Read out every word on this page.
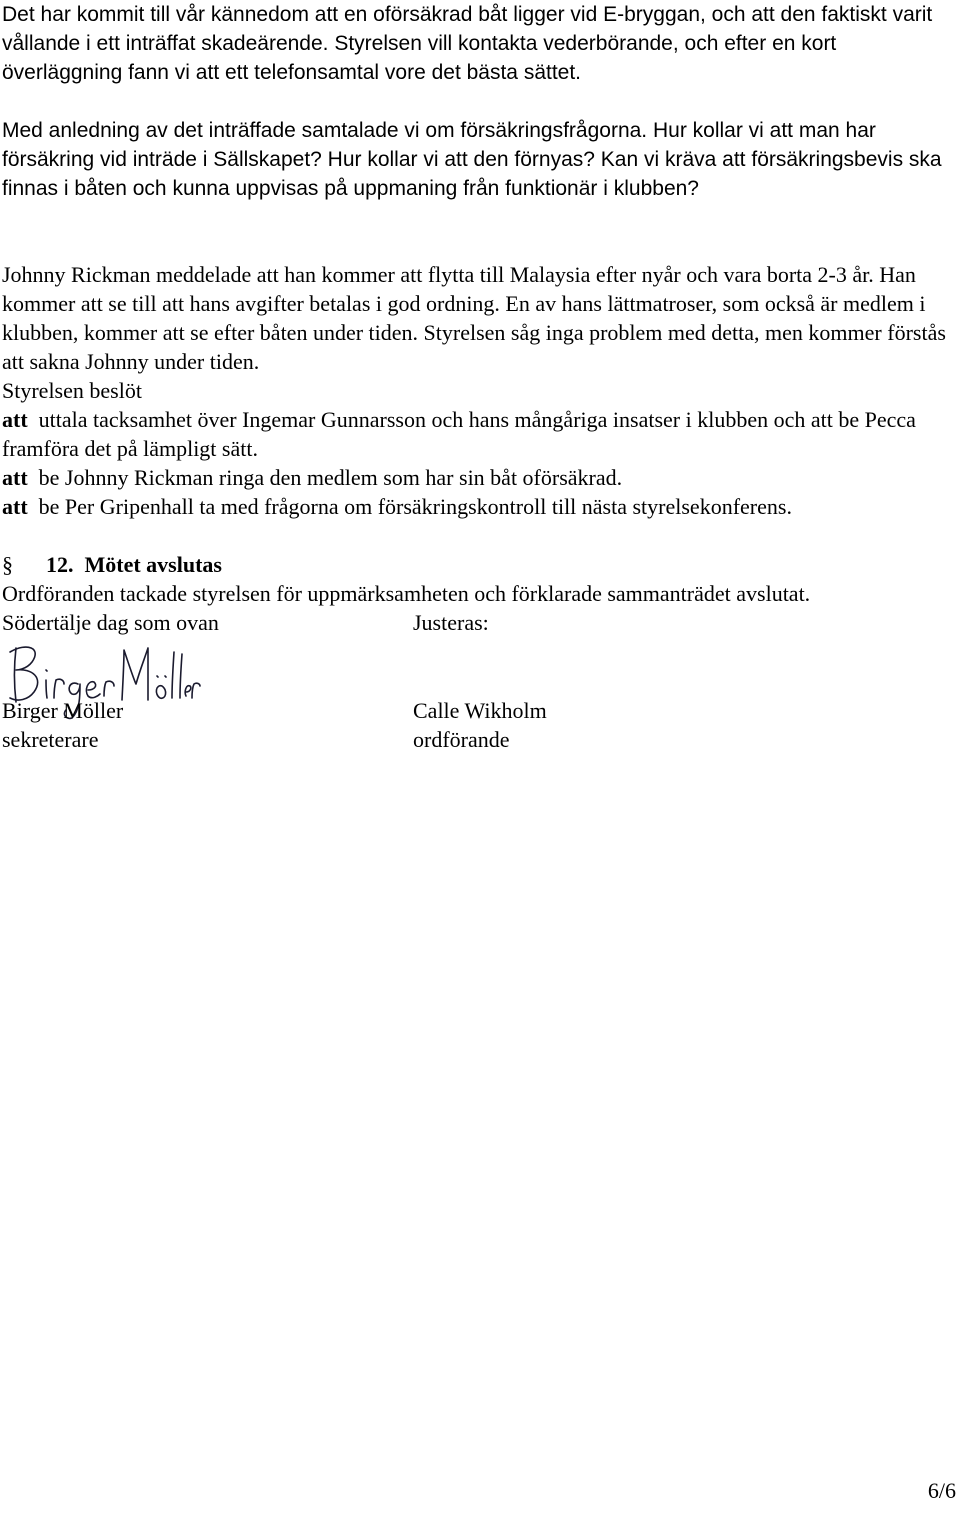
Det har kommit till vår kännedom att en oförsäkrad båt ligger vid E-bryggan, och att den faktiskt varit vållande i ett inträffat skadeärende. Styrelsen vill kontakta vederbörande, och efter en kort överläggning fann vi att ett telefonsamtal vore det bästa sättet.

Med anledning av det inträffade samtalade vi om försäkringsfrågorna. Hur kollar vi att man har försäkring vid inträde i Sällskapet? Hur kollar vi att den förnyas? Kan vi kräva att försäkringsbevis ska finnas i båten och kunna uppvisas på uppmaning från funktionär i klubben?

Johnny Rickman meddelade att han kommer att flytta till Malaysia efter nyår och vara borta 2-3 år. Han kommer att se till att hans avgifter betalas i god ordning. En av hans lättmatroser, som också är medlem i klubben, kommer att se efter båten under tiden. Styrelsen såg inga problem med detta, men kommer förstås att sakna Johnny under tiden.

Styrelsen beslöt

att uttala tacksamhet över Ingemar Gunnarsson och hans mångåriga insatser i klubben och att be Pecca framföra det på lämpligt sätt.

att be Johnny Rickman ringa den medlem som har sin båt oförsäkrad.

att be Per Gripenhall ta med frågorna om försäkringskontroll till nästa styrelsekonferens.

§ 12. Mötet avslutas

Ordföranden tackade styrelsen för uppmärksamheten och förklarade sammanträdet avslutat.

Södertälje dag som ovan	Justeras:
Birger Möller	Calle Wikholm
sekreterare	ordförande
6/6
